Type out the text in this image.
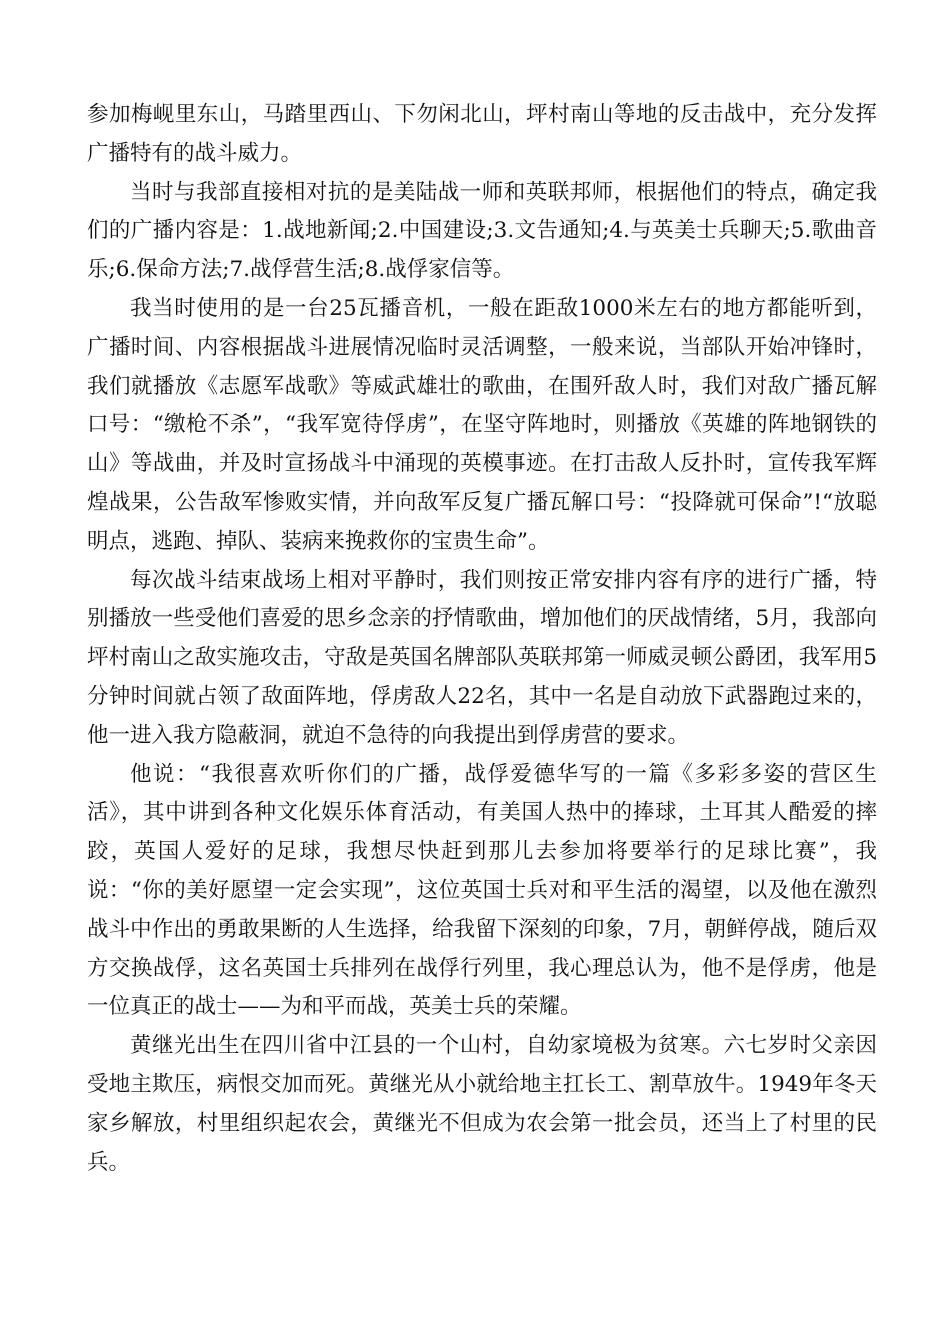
参加梅岘里东山，马踏里西山、下勿闲北山，坪村南山等地的反击战中，充分发挥广播特有的战斗威力。

当时与我部直接相对抗的是美陆战一师和英联邦师，根据他们的特点，确定我们的广播内容是：1.战地新闻;2.中国建设;3.文告通知;4.与英美士兵聊天;5.歌曲音乐;6.保命方法;7.战俘营生活;8.战俘家信等。

我当时使用的是一台25瓦播音机，一般在距敌1000米左右的地方都能听到，广播时间、内容根据战斗进展情况临时灵活调整，一般来说，当部队开始冲锋时，我们就播放《志愿军战歌》等威武雄壮的歌曲，在围歼敌人时，我们对敌广播瓦解口号：“缴枪不杀”，“我军宽待俘虏”，在坚守阵地时，则播放《英雄的阵地钢铁的山》等战曲，并及时宣扬战斗中涌现的英模事迹。在打击敌人反扑时，宣传我军辉煌战果，公告敌军惨败实情，并向敌军反复广播瓦解口号：“投降就可保命”!“放聪明点，逃跑、掉队、装病来挽救你的宝贵生命”。

每次战斗结束战场上相对平静时，我们则按正常安排内容有序的进行广播，特别播放一些受他们喜爱的思乡念亲的抒情歌曲，增加他们的厌战情绪，5月，我部向坪村南山之敌实施攻击，守敌是英国名牌部队英联邦第一师威灵顿公爵团，我军用5分钟时间就占领了敌面阵地，俘虏敌人22名，其中一名是自动放下武器跑过来的，他一进入我方隐蔽洞，就迫不急待的向我提出到俘虏营的要求。

他说：“我很喜欢听你们的广播，战俘爱德华写的一篇《多彩多姿的营区生活》，其中讲到各种文化娱乐体育活动，有美国人热中的捧球，土耳其人酷爱的摔跤，英国人爱好的足球，我想尽快赶到那儿去参加将要举行的足球比赛”，我说：“你的美好愿望一定会实现”，这位英国士兵对和平生活的渴望，以及他在激烈战斗中作出的勇敢果断的人生选择，给我留下深刻的印象，7月，朝鲜停战，随后双方交换战俘，这名英国士兵排列在战俘行列里，我心理总认为，他不是俘虏，他是一位真正的战士——为和平而战，英美士兵的荣耀。

黄继光出生在四川省中江县的一个山村，自幼家境极为贫寒。六七岁时父亲因受地主欺压，病恨交加而死。黄继光从小就给地主扛长工、割草放牛。1949年冬天家乡解放，村里组织起农会，黄继光不但成为农会第一批会员，还当上了村里的民兵。
